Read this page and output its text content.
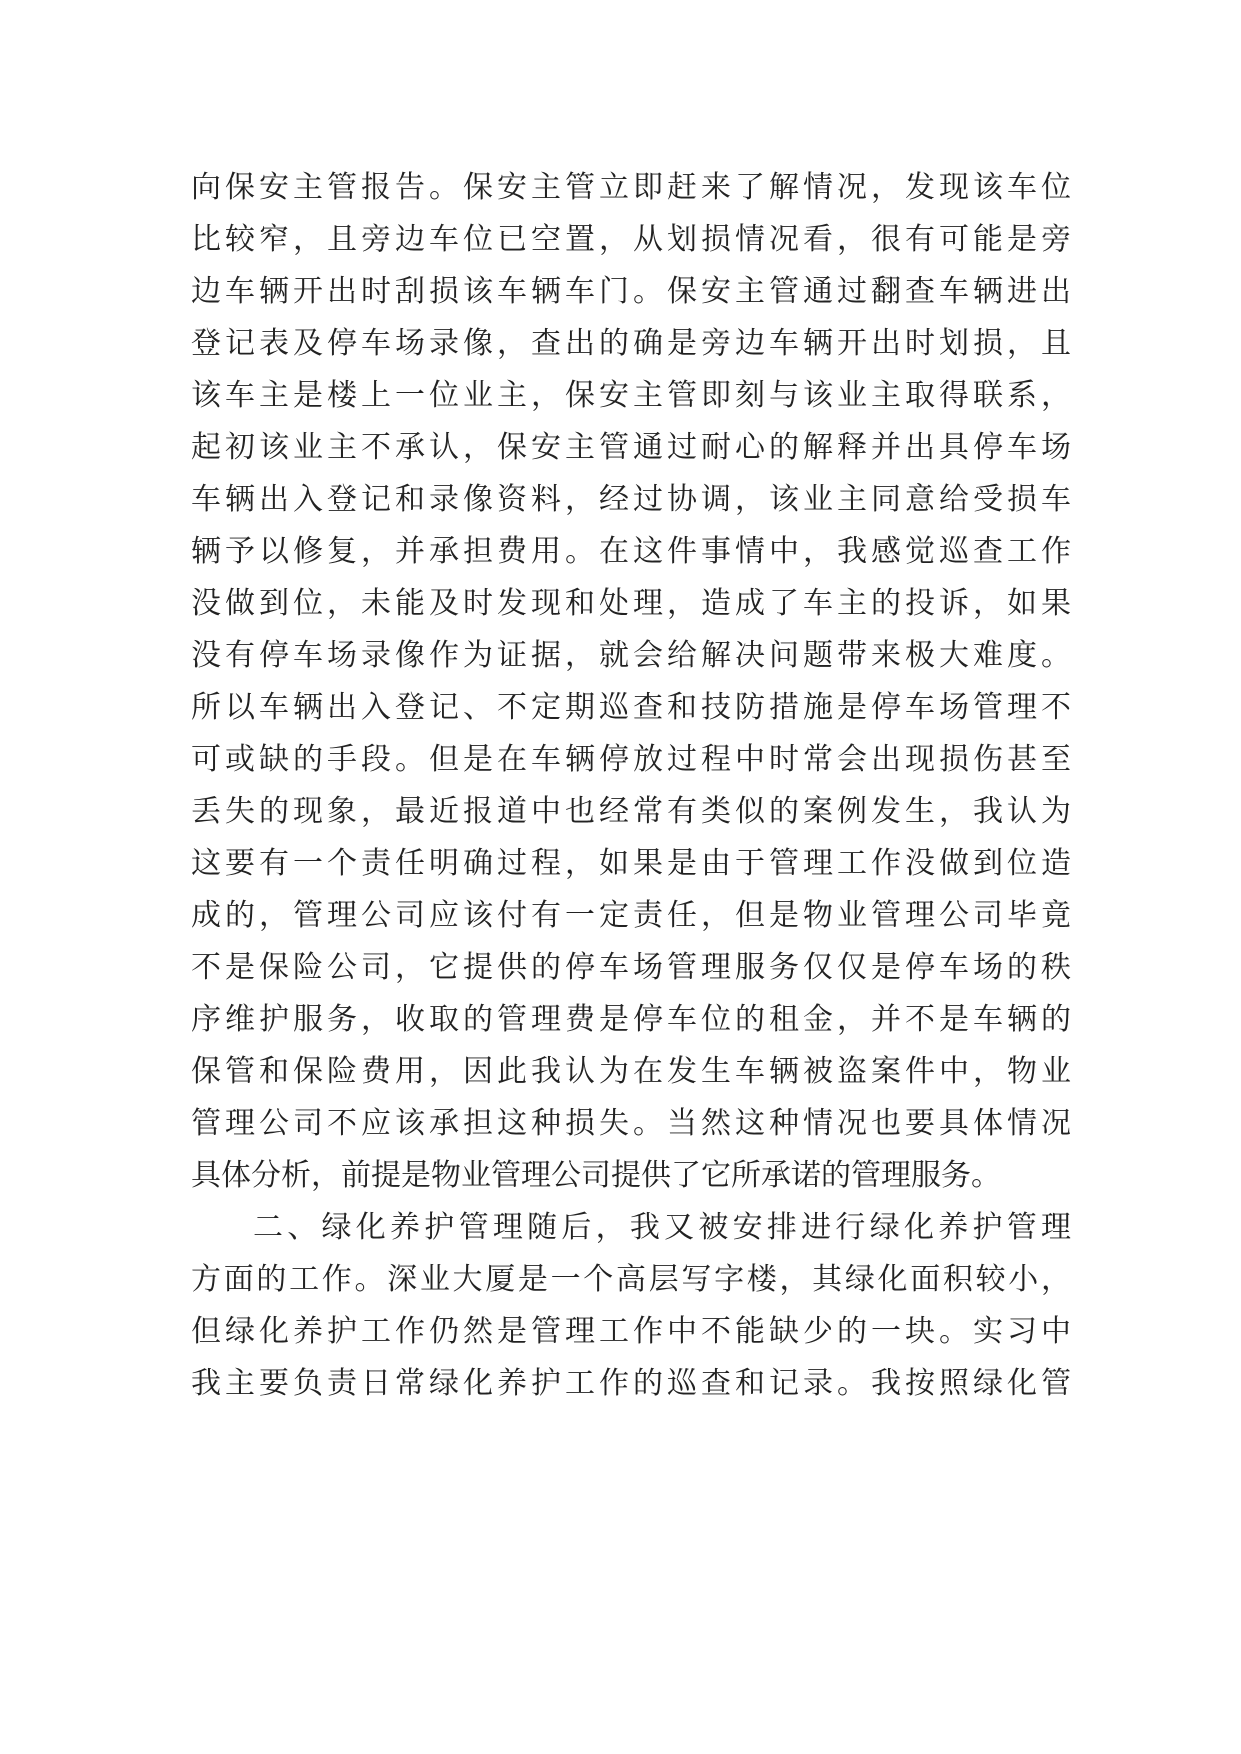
向保安主管报告。保安主管立即赶来了解情况，发现该车位
比较窄，且旁边车位已空置，从划损情况看，很有可能是旁
边车辆开出时刮损该车辆车门。保安主管通过翻查车辆进出
登记表及停车场录像，查出的确是旁边车辆开出时划损，且
该车主是楼上一位业主，保安主管即刻与该业主取得联系，
起初该业主不承认，保安主管通过耐心的解释并出具停车场
车辆出入登记和录像资料，经过协调，该业主同意给受损车
辆予以修复，并承担费用。在这件事情中，我感觉巡查工作
没做到位，未能及时发现和处理，造成了车主的投诉，如果
没有停车场录像作为证据，就会给解决问题带来极大难度。
所以车辆出入登记、不定期巡查和技防措施是停车场管理不
可或缺的手段。但是在车辆停放过程中时常会出现损伤甚至
丢失的现象，最近报道中也经常有类似的案例发生，我认为
这要有一个责任明确过程，如果是由于管理工作没做到位造
成的，管理公司应该付有一定责任，但是物业管理公司毕竟
不是保险公司，它提供的停车场管理服务仅仅是停车场的秩
序维护服务，收取的管理费是停车位的租金，并不是车辆的
保管和保险费用，因此我认为在发生车辆被盗案件中，物业
管理公司不应该承担这种损失。当然这种情况也要具体情况
具体分析，前提是物业管理公司提供了它所承诺的管理服务。
二、绿化养护管理随后，我又被安排进行绿化养护管理
方面的工作。深业大厦是一个高层写字楼，其绿化面积较小，
但绿化养护工作仍然是管理工作中不能缺少的一块。实习中
我主要负责日常绿化养护工作的巡查和记录。我按照绿化管
